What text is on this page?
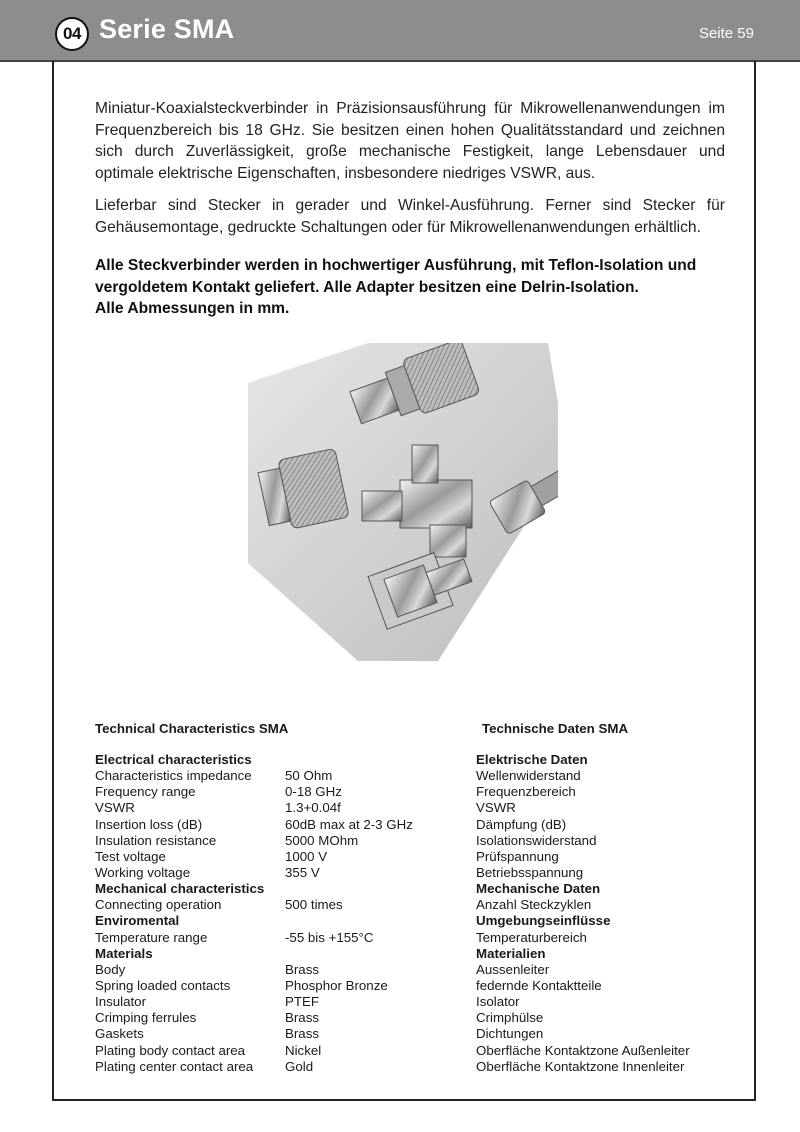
04 Serie SMA	Seite 59
Miniatur-Koaxialsteckverbinder in Präzisionsausführung für Mikrowellenanwendungen im Frequenzbereich bis 18 GHz. Sie besitzen einen hohen Qualitätsstandard und zeichnen sich durch Zuverlässigkeit, große mechanische Festigkeit, lange Lebensdauer und optimale elektrische Eigenschaften, insbesondere niedriges VSWR, aus.
Lieferbar sind Stecker in gerader und Winkel-Ausführung. Ferner sind Stecker für Gehäusemontage, gedruckte Schaltungen oder für Mikrowellenanwendungen erhältlich.
Alle Steckverbinder werden in hochwertiger Ausführung, mit Teflon-Isolation und vergoldetem Kontakt geliefert. Alle Adapter besitzen eine Delrin-Isolation.
Alle Abmessungen in mm.
Technical Characteristics SMA	Technische Daten SMA
Electrical characteristics
Characteristics impedance
Frequency range
VSWR
Insertion loss (dB)
Insulation resistance
Test voltage
Working voltage
Mechanical characteristics
Connecting operation
Enviromental
Temperature range
Materials
Body
Spring loaded contacts
Insulator
Crimping ferrules
Gaskets
Plating body contact area
Plating center contact area
50 Ohm
0-18 GHz
1.3+0.04f
60dB max at 2-3 GHz
5000 MOhm
1000 V
355 V
500 times
-55 bis +155°C
Brass
Phosphor Bronze
PTEF
Brass
Brass
Nickel
Gold
Elektrische Daten
Wellenwiderstand
Frequenzbereich
VSWR
Dämpfung (dB)
Isolationswiderstand
Prüfspannung
Betriebsspannung
Mechanische Daten
Anzahl Steckzyklen
Umgebungseinflüsse
Temperaturbereich
Materialien
Aussenleiter
federnde Kontaktteile
Isolator
Crimphülse
Dichtungen
Oberfläche Kontaktzone Außenleiter
Oberfläche Kontaktzone Innenleiter
